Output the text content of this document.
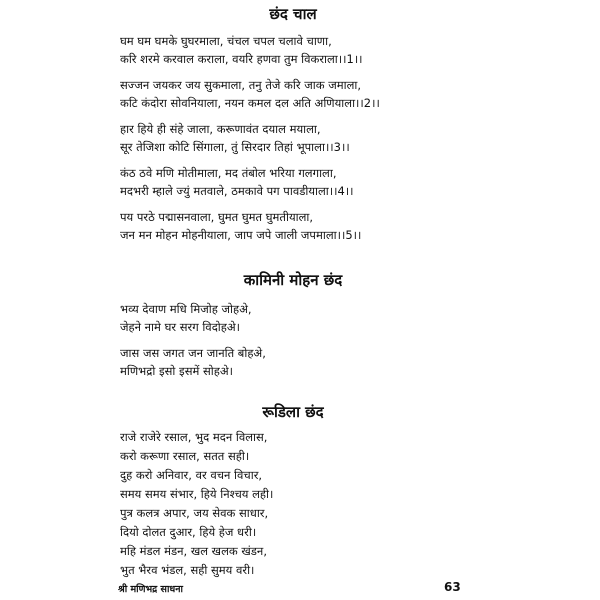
छंद चाल

घम घम घमके घुघरमाला, चंचल चपल चलावे चाणा,

करि शरमे करवाल कराला, वयरि हणवा तुम विकराला।।1।।

सज्जन जयकर जय सुकमाला, तनु तेजे करि जाक जमाला,

कटि कंदोरा सोवनियाला, नयन कमल दल अति अणियाला।।2।।

हार हिये ही संहे जाला, करूणावंत दयाल मयाला,

सूर तेजिशा कोटि सिंगाला, तुं सिरदार तिहां भूपाला।।3।।

कंठ ठवे मणि मोतीमाला, मद तंबोल भरिया गलगाला,

मदभरी म्हाले ज्युं मतवाले, ठमकावे पग पावडीयाला।।4।।

पय परठे पद्मासनवाला, घुमत घुमत घुमतीयाला,

जन मन मोहन मोहनीयाला, जाप जपे जाली जपमाला।।5।।

कामिनी मोहन छंद

भव्य देवाण मधि मिजोह जोहअे,

जेहने नामे घर सरग विदोहअे।

जास जस जगत जन जानति बोहअे,

मणिभद्रो इसो इसमें सोहअे।

रूडिला छंद

राजे राजेरे रसाल, भुद मदन विलास,

करो करूणा रसाल, सतत सही।

दुह करो अनिवार, वर वचन विचार,

समय समय संभार, हिये निश्चय लही।

पुत्र कलत्र अपार, जय सेवक साधार,

दियो दोलत दुआर, हिये हेज धरी।

महि मंडल मंडन, खल खलक खंडन,

भुत भैरव भंडल, सही सुमय वरी।

श्री मणिभद्र साधना	63
